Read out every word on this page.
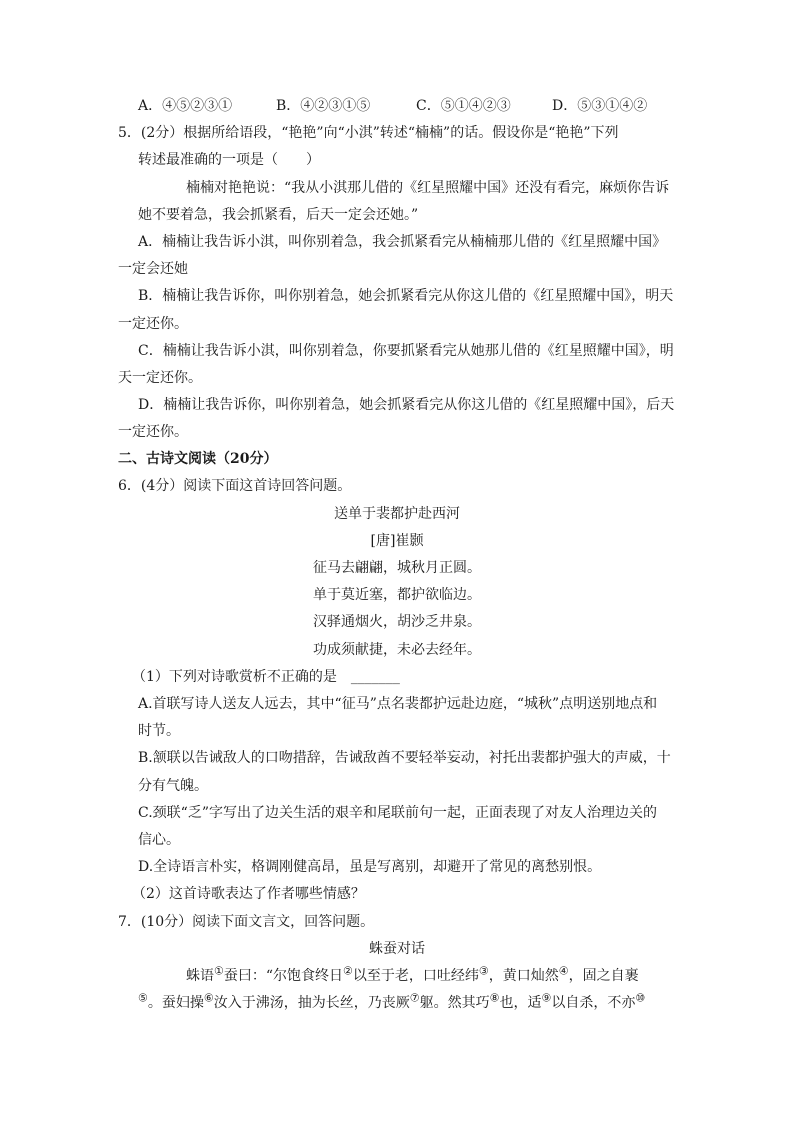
A．④⑤②③①	B．④②③①⑤	C．⑤①④②③	D．⑤③①④②
5．(2分）根据所给语段，“艳艳”向“小淇”转述“楠楠”的话。假设你是“艳艳”下列
转述最准确的一项是（　　）
楠楠对艳艳说：“我从小淇那儿借的《红星照耀中国》还没有看完，麻烦你告诉
她不要着急，我会抓紧看，后天一定会还她。”
A．楠楠让我告诉小淇，叫你别着急，我会抓紧看完从楠楠那儿借的《红星照耀中国》
一定会还她
B．楠楠让我告诉你，叫你别着急，她会抓紧看完从你这儿借的《红星照耀中国》，明天
一定还你。
C．楠楠让我告诉小淇，叫你别着急，你要抓紧看完从她那儿借的《红星照耀中国》，明
天一定还你。
D．楠楠让我告诉你，叫你别着急，她会抓紧看完从你这儿借的《红星照耀中国》，后天
一定还你。
二、古诗文阅读（20分）
6．(4分）阅读下面这首诗回答问题。
送单于裴都护赴西河
[唐]崔颢
征马去翩翩，城秋月正圆。
单于莫近塞，都护欲临边。
汉驿通烟火，胡沙乏井泉。
功成须献捷，未必去经年。
（1）下列对诗歌赏析不正确的是　_______
A.首联写诗人送友人远去，其中“征马”点名裴都护远赴边庭，“城秋”点明送别地点和
时节。
B.颔联以告诫敌人的口吻措辞，告诫敌酋不要轻举妄动，衬托出裴都护强大的声威，十
分有气魄。
C.颈联“乏”字写出了边关生活的艰辛和尾联前句一起，正面表现了对友人治理边关的
信心。
D.全诗语言朴实，格调刚健高昂，虽是写离别，却避开了常见的离愁别恨。
（2）这首诗歌表达了作者哪些情感？
7．(10分）阅读下面文言文，回答问题。
蛛蚕对话
蛛语①蚕曰：“尔饱食终日②以至于老，口吐经纬③，黄口灿然④，固之自裹
⑤。蚕妇操⑥汝入于沸汤，抽为长丝，乃丧厥⑦躯。然其巧⑧也，适⑨以自杀，不亦⑩
